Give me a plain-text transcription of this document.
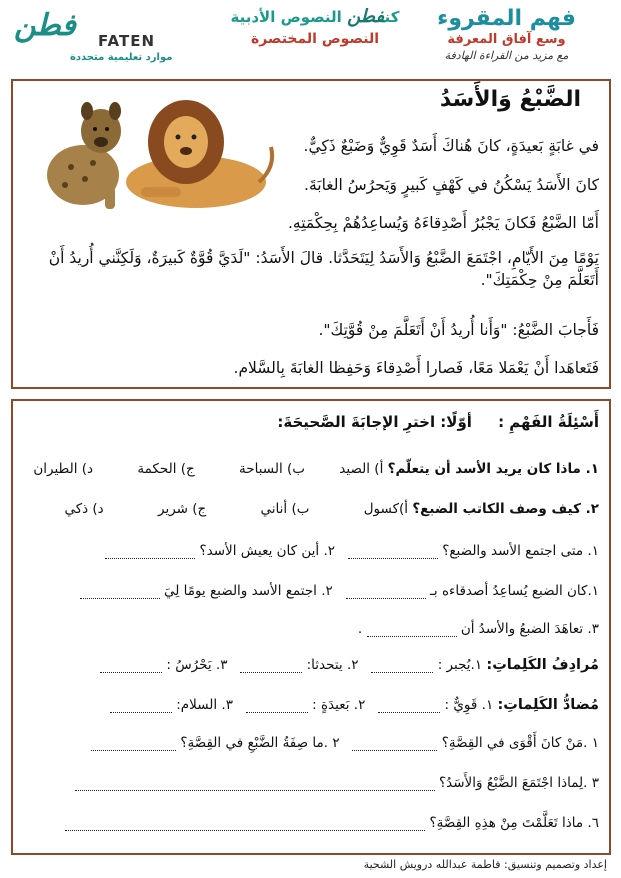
فهم المقروء
وسع آفاق المعرفة
مع مزيد من القراءة الهادفة
كنفطن النصوص الأدبية
النصوص المختصرة
فطن FATEN
موارد تعليمية متجددة
الضَّبْعُ وَالأَسَدُ
في غابَةٍ بَعيدَةٍ، كانَ هُناكَ أَسَدٌ قَوِيٌّ وَضَبْعٌ ذَكِيٌّ.
كانَ الأَسَدُ يَسْكُنُ في كَهْفٍ كَبيرٍ وَيَحرُسُ الغابَةَ.
أَمّا الضَّبْعُ فَكانَ يَجْبُرُ أَصْدِقاءَهُ وَيُساعِدُهُمْ بِحِكْمَتِهِ.
يَوْمًا مِنَ الأَيّامِ، اجْتَمَعَ الضَّبْعُ وَالأَسَدُ لِيَتَحَدَّثا. قالَ الأَسَدُ: "لَدَيَّ قُوَّةٌ كَبيرَةٌ، وَلَكِنَّني أُريدُ أَنْ أَتَعَلَّمَ مِنْ حِكْمَتِكَ".
فَأَجابَ الضَّبْعُ: "وَأَنا أُريدُ أَنْ أَتَعَلَّمَ مِنْ قُوَّتِكَ".
فَتَعاهَدا أَنْ يَعْمَلا مَعًا، فَصارا أَصْدِقاءَ وَحَفِظا الغابَةَ بِالسَّلام.
أَسْئِلَةُ الفَهْمِ :     أوّلًا: اخترِ الإجابَةَ الصَّحيحَةَ:
١. ماذا كان يريد الأسد أن يتعلّم؟ أ) الصيد ب) السباحة ج) الحكمة د) الطيران
٢. كيف وصف الكاتب الضبع؟ أ)كسول ب) أناني ج) شرير د) ذكي
١. متى اجتمع الأسد والضبع؟    ٢. أين كان يعيش الأسد؟
١.كان الضبع يُساعِدُ أصدقاءه بـ    ٢. اجتمع الأسد والضبع يومًا لِيَ
٣. تعاهَدَ الضبعُ والأسدُ أن  .
مُرادِفُ الكَلِماتِ: ١.يُجبر :    ٢. يتحدثا:    ٣. يَحْرُسُ :
مُضادُّ الكَلِماتِ: ١. قَوِيٌّ :    ٢. بَعيدَةٍ :    ٣. السلام:
١ .مَنْ كانَ أَقْوَى في القِصَّةِ؟    ٢ .ما صِفَةُ الضَّبْعِ في القِصَّةِ؟
٣ .لِماذا اجْتَمَعَ الضَّبْعُ وَالأَسَدُ؟
٦. ماذا تَعَلَّمْتَ مِنْ هذِهِ القِصَّةِ؟
إعداد وتصميم وتنسيق: فاطمة عبدالله درويش الشحية
